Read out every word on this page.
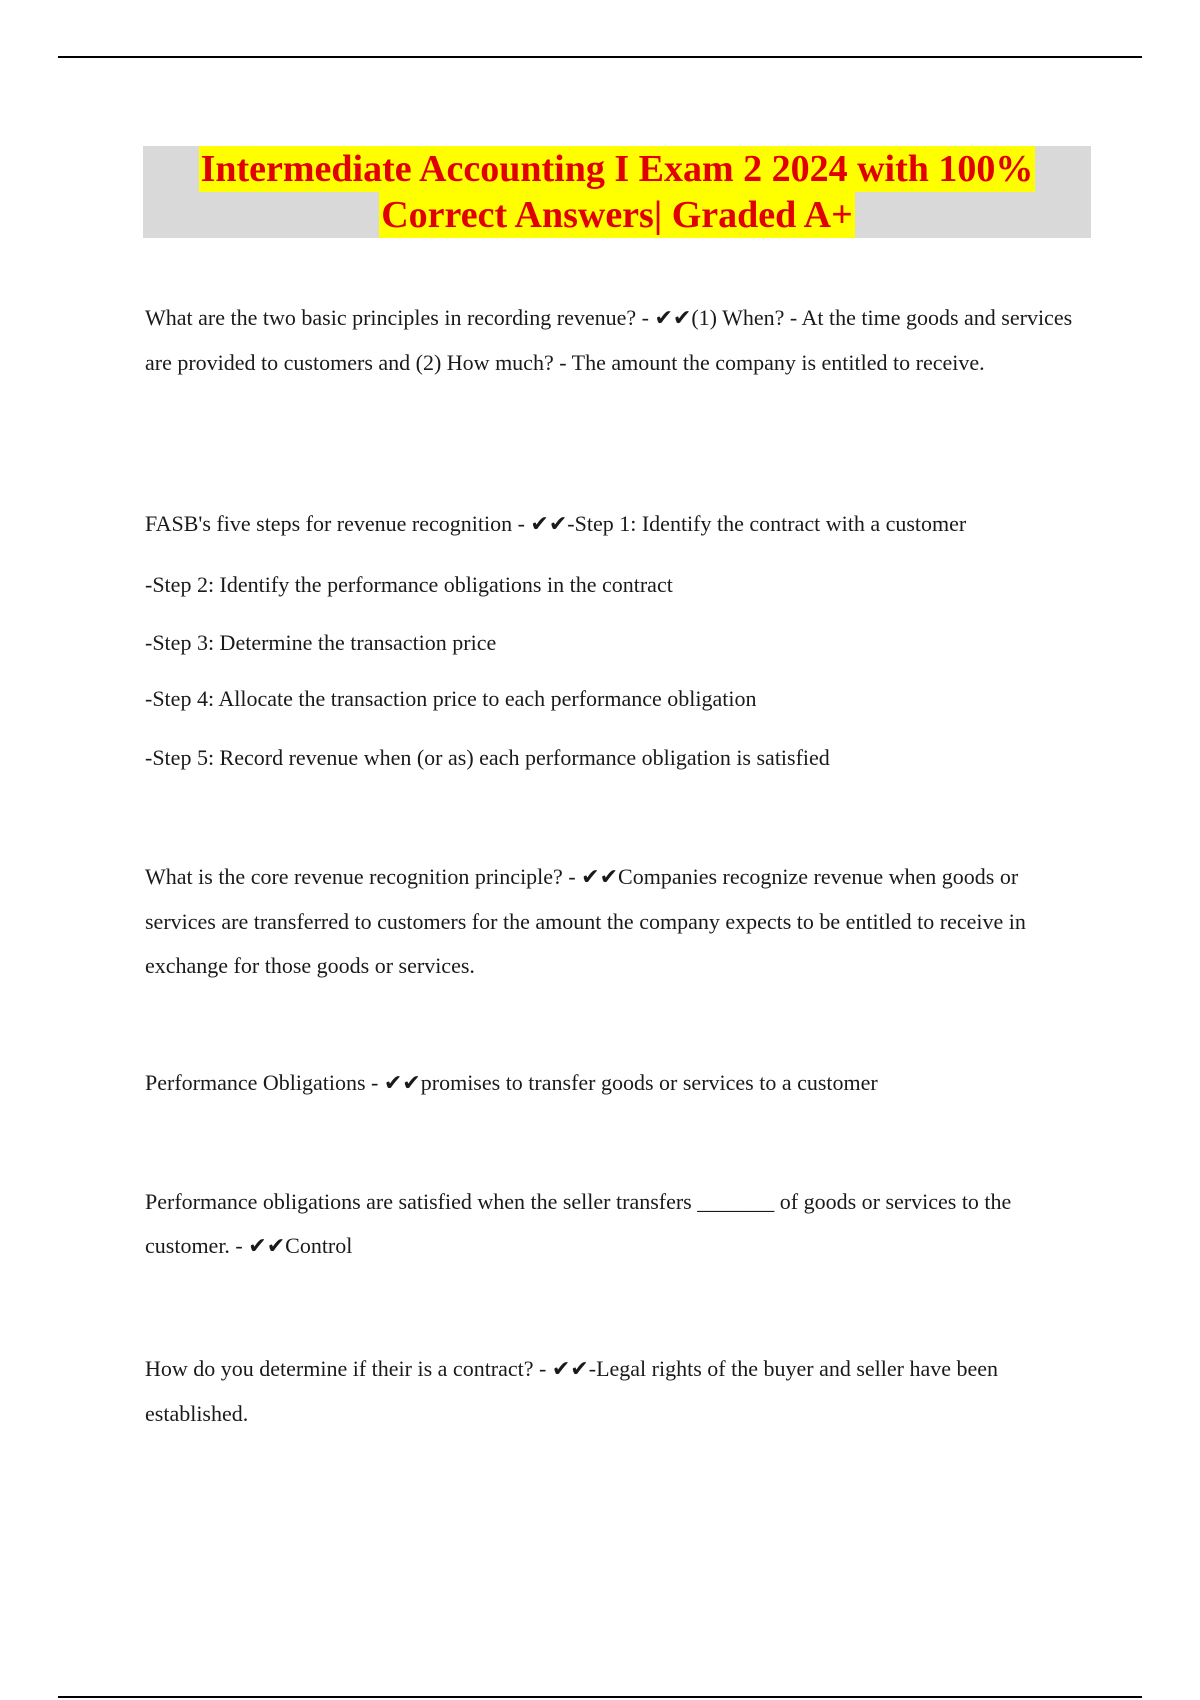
Intermediate Accounting I Exam 2 2024 with 100%
Correct Answers| Graded A+

What are the two basic principles in recording revenue? - ✔✔(1) When? - At the time goods and services are provided to customers and (2) How much? - The amount the company is entitled to receive.

FASB's five steps for revenue recognition - ✔✔-Step 1: Identify the contract with a customer

-Step 2: Identify the performance obligations in the contract
-Step 3: Determine the transaction price
-Step 4: Allocate the transaction price to each performance obligation
-Step 5: Record revenue when (or as) each performance obligation is satisfied

What is the core revenue recognition principle? - ✔✔Companies recognize revenue when goods or services are transferred to customers for the amount the company expects to be entitled to receive in exchange for those goods or services.

Performance Obligations - ✔✔promises to transfer goods or services to a customer

Performance obligations are satisfied when the seller transfers _______ of goods or services to the customer. - ✔✔Control

How do you determine if their is a contract? - ✔✔-Legal rights of the buyer and seller have been established.
